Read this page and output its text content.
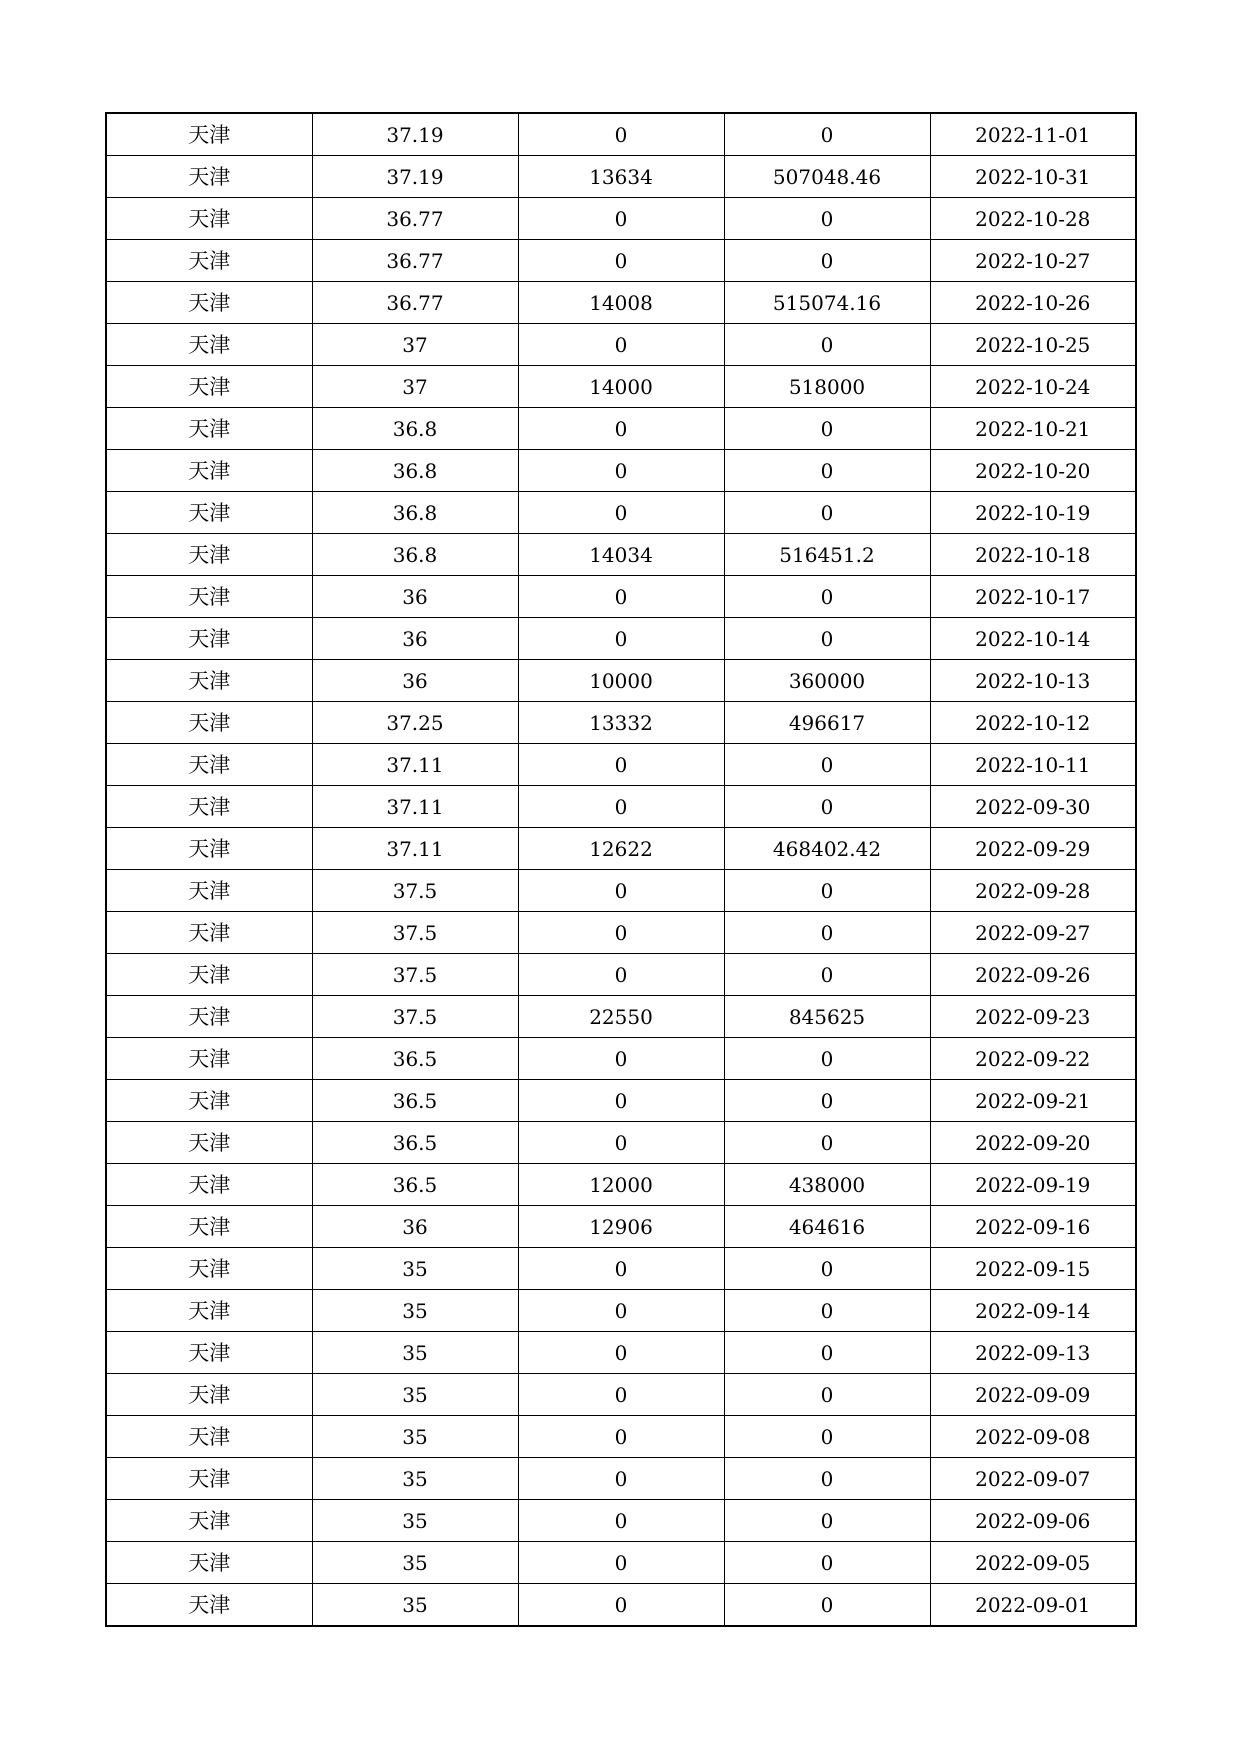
天津	37.19	0	0	2022-11-01
天津	37.19	13634	507048.46	2022-10-31
天津	36.77	0	0	2022-10-28
天津	36.77	0	0	2022-10-27
天津	36.77	14008	515074.16	2022-10-26
天津	37	0	0	2022-10-25
天津	37	14000	518000	2022-10-24
天津	36.8	0	0	2022-10-21
天津	36.8	0	0	2022-10-20
天津	36.8	0	0	2022-10-19
天津	36.8	14034	516451.2	2022-10-18
天津	36	0	0	2022-10-17
天津	36	0	0	2022-10-14
天津	36	10000	360000	2022-10-13
天津	37.25	13332	496617	2022-10-12
天津	37.11	0	0	2022-10-11
天津	37.11	0	0	2022-09-30
天津	37.11	12622	468402.42	2022-09-29
天津	37.5	0	0	2022-09-28
天津	37.5	0	0	2022-09-27
天津	37.5	0	0	2022-09-26
天津	37.5	22550	845625	2022-09-23
天津	36.5	0	0	2022-09-22
天津	36.5	0	0	2022-09-21
天津	36.5	0	0	2022-09-20
天津	36.5	12000	438000	2022-09-19
天津	36	12906	464616	2022-09-16
天津	35	0	0	2022-09-15
天津	35	0	0	2022-09-14
天津	35	0	0	2022-09-13
天津	35	0	0	2022-09-09
天津	35	0	0	2022-09-08
天津	35	0	0	2022-09-07
天津	35	0	0	2022-09-06
天津	35	0	0	2022-09-05
天津	35	0	0	2022-09-01
